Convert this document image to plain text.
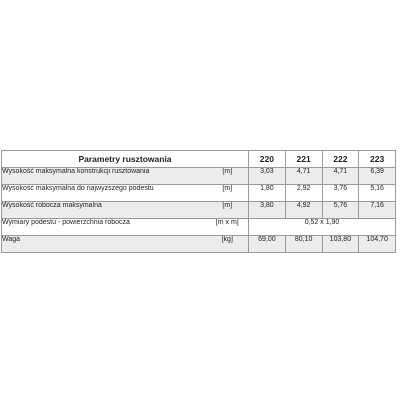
Parametry rusztowania		220	221	222	223
Wysokość maksymalna konstrukcji rusztowania	[m]	3,03	4,71	4,71	6,39
Wysokość maksymalna do najwyższego podestu	[m]	1,80	2,92	3,76	5,16
Wysokość robocza maksymalna	[m]	3,80	4,92	5,76	7,16
Wymiary podestu - powierzchnia robocza	[m x m]	0,52 x 1,90			
Waga	[kg]	69,00	80,10	103,80	104,70
